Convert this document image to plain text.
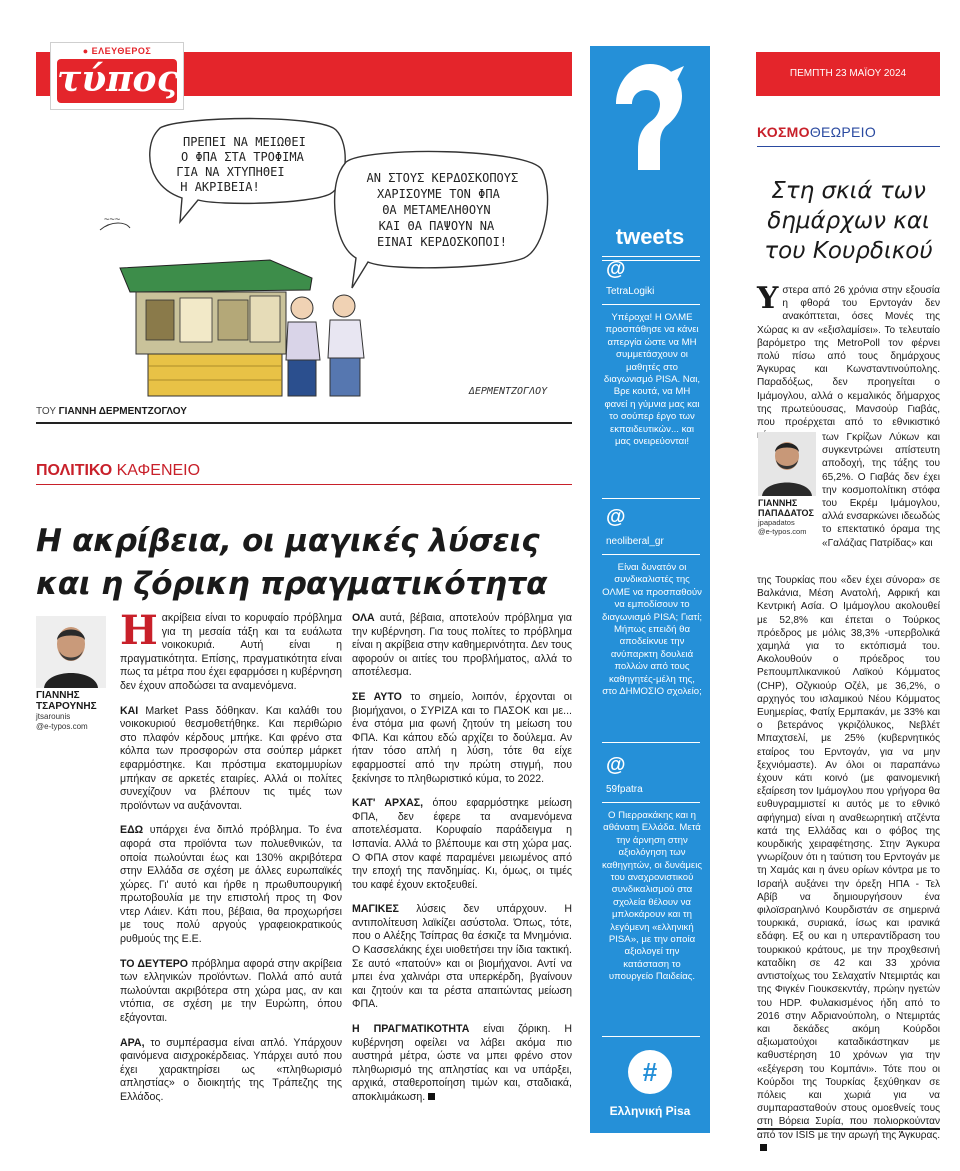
● ΕΛΕΥΘΕΡΟΣ
τύπος
ΠΡΕΠΕΙ ΝΑ ΜΕΙΩΘΕΙ Ο ΦΠΑ ΣΤΑ ΤΡΟΦΙΜΑ ΓΙΑ ΝΑ ΧΤΥΠΗΘΕΙ Η ΑΚΡΙΒΕΙΑ!
ΑΝ ΣΤΟΥΣ ΚΕΡΔΟΣΚΟΠΟΥΣ ΧΑΡΙΣΟΥΜΕ ΤΟΝ ΦΠΑ ΘΑ ΜΕΤΑΜΕΛΗΘΟΥΝ ΚΑΙ ΘΑ ΠΑΨΟΥΝ ΝΑ ΕΙΝΑΙ ΚΕΡΔΟΣΚΟΠΟΙ!
~~~
ΔΕΡΜΕΝΤΖΟΓΛΟΥ
ΤΟΥ ΓΙΑΝΝΗ ΔΕΡΜΕΝΤΖΟΓΛΟΥ
ΠΟΛΙΤΙΚΟ ΚΑΦΕΝΕΙΟ
Η ακρίβεια, οι μαγικές λύσεις
και η ζόρικη πραγματικότητα
ΓΙΑΝΝΗΣ
ΤΣΑΡΟΥΝΗΣ
jtsarounis
@e-typos.com

Ηακρίβεια είναι το κορυφαίο πρόβλημα για τη μεσαία τάξη και τα ευάλωτα νοικοκυριά. Αυτή είναι η πραγματικότητα. Επίσης, πραγματικότητα είναι πως τα μέτρα που έχει εφαρμόσει η κυβέρνηση δεν έχουν αποδώσει τα αναμενόμενα.

ΚΑΙ Market Pass δόθηκαν. Και καλάθι του νοικοκυριού θεσμοθετήθηκε. Και περιθώριο στο πλαφόν κέρδους μπήκε. Και φρένο στα κόλπα των προσφορών στα σούπερ μάρκετ εφαρμόστηκε. Και πρόστιμα εκατομμυρίων μπήκαν σε αρκετές εταιρίες. Αλλά οι πολίτες συνεχίζουν να βλέπουν τις τιμές των προϊόντων να αυξάνονται.

ΕΔΩ υπάρχει ένα διπλό πρόβλημα. Το ένα αφορά στα προϊόντα των πολυεθνικών, τα οποία πωλούνται έως και 130% ακριβότερα στην Ελλάδα σε σχέση με άλλες ευρωπαϊκές χώρες. Γι' αυτό και ήρθε η πρωθυπουργική πρωτοβουλία με την επιστολή προς τη Φον ντερ Λάιεν. Κάτι που, βέβαια, θα προχωρήσει με τους πολύ αργούς γραφειοκρατικούς ρυθμούς της Ε.Ε.

ΤΟ ΔΕΥΤΕΡΟ πρόβλημα αφορά στην ακρίβεια των ελληνικών προϊόντων. Πολλά από αυτά πωλούνται ακριβότερα στη χώρα μας, αν και ντόπια, σε σχέση με την Ευρώπη, όπου εξάγονται.

ΑΡΑ, το συμπέρασμα είναι απλό. Υπάρχουν φαινόμενα αισχροκέρδειας. Υπάρχει αυτό που έχει χαρακτηρίσει ως «πληθωρισμό απληστίας» ο διοικητής της Τράπεζης της Ελλάδος.

ΟΛΑ αυτά, βέβαια, αποτελούν πρόβλημα για την κυβέρνηση. Για τους πολίτες το πρόβλημα είναι η ακρίβεια στην καθημερινότητα. Δεν τους αφορούν οι αιτίες του προβλήματος, αλλά το αποτέλεσμα.

ΣΕ ΑΥΤΟ το σημείο, λοιπόν, έρχονται οι βιομήχανοι, ο ΣΥΡΙΖΑ και το ΠΑΣΟΚ και με... ένα στόμα μια φωνή ζητούν τη μείωση του ΦΠΑ. Και κάπου εδώ αρχίζει το δούλεμα. Αν ήταν τόσο απλή η λύση, τότε θα είχε εφαρμοστεί από την πρώτη στιγμή, που ξεκίνησε το πληθωριστικό κύμα, το 2022.

ΚΑΤ' ΑΡΧΑΣ, όπου εφαρμόστηκε μείωση ΦΠΑ, δεν έφερε τα αναμενόμενα αποτελέσματα. Κορυφαίο παράδειγμα η Ισπανία. Αλλά το βλέπουμε και στη χώρα μας. Ο ΦΠΑ στον καφέ παραμένει μειωμένος από την εποχή της πανδημίας. Κι, όμως, οι τιμές του καφέ έχουν εκτοξευθεί.

ΜΑΓΙΚΕΣ λύσεις δεν υπάρχουν. Η αντιπολίτευση λαϊκίζει ασύστολα. Όπως, τότε, που ο Αλέξης Τσίπρας θα έσκιζε τα Μνημόνια. Ο Κασσελάκης έχει υιοθετήσει την ίδια τακτική. Σε αυτό «πατούν» και οι βιομήχανοι. Αντί να μπει ένα χαλινάρι στα υπερκέρδη, βγαίνουν και ζητούν και τα ρέστα απαιτώντας μείωση ΦΠΑ.

Η ΠΡΑΓΜΑΤΙΚΟΤΗΤΑ είναι ζόρικη. Η κυβέρνηση οφείλει να λάβει ακόμα πιο αυστηρά μέτρα, ώστε να μπει φρένο στον πληθωρισμό της απληστίας και να υπάρξει, αρχικά, σταθεροποίηση τιμών και, σταδιακά, αποκλιμάκωση.

tweets
@
TetraLogiki
Υπέροχα! Η ΟΛΜΕ προσπάθησε να κάνει απεργία ώστε να ΜΗ συμμετάσχουν οι μαθητές στο διαγωνισμό PISA. Ναι, Βρε κουτά, να ΜΗ φανεί η γύμνια μας και το σούπερ έργο των εκπαιδευτικών... και μας ονειρεύονται!
@
neoliberal_gr
Είναι δυνατόν οι συνδικαλιστές της ΟΛΜΕ να προσπαθούν να εμποδίσουν το διαγωνισμό PISA; Γιατί; Μήπως επειδή θα αποδείκνυε την ανύπαρκτη δουλειά πολλών από τους καθηγητές-μέλη της, στο ΔΗΜΟΣΙΟ σχολείο;
@
59fpatra
Ο Πιερρακάκης και η αθάνατη Ελλάδα. Μετά την άρνηση στην αξιολόγηση των καθηγητών, οι δυνάμεις του αναχρονιστικού συνδικαλισμού στα σχολεία θέλουν να μπλοκάρουν και τη λεγόμενη «ελληνική PISA», με την οποία αξιολογεί την κατάσταση το υπουργείο Παιδείας.
#
Ελληνική Pisa
ΠΕΜΠΤΗ 23 ΜΑΪΟΥ 2024
ΚΟΣΜΟΘΕΩΡΕΙΟ
Στη σκιά των
δημάρχων και
του Κουρδικού

Υστερα από 26 χρόνια στην εξουσία η φθορά του Ερντογάν δεν ανακόπτεται, όσες Μονές της Χώρας κι αν «εξισλαμίσει». Το τελευταίο βαρόμετρο της MetroPoll τον φέρνει πολύ πίσω από τους δημάρχους Άγκυρας και Κωνσταντινούπολης. Παραδόξως, δεν προηγείται ο Ιμάμογλου, αλλά ο κεμαλικός δήμαρχος της πρωτεύουσας, Μανσούρ Γιαβάς, που προέρχεται από το εθνικιστικό

ΓΙΑΝΝΗΣ
ΠΑΠΑΔΑΤΟΣ
jpapadatos
@e-typos.com

των Γκρίζων Λύκων και συγκεντρώνει απίστευτη αποδοχή, της τάξης του 65,2%. Ο Γιαβάς δεν έχει την κοσμοπολίτικη στόφα του Εκρέμ Ιμάμογλου, αλλά ενσαρκώνει ιδεωδώς το επεκτατικό όραμα της «Γαλάζιας Πατρίδας» και

της Τουρκίας που «δεν έχει σύνορα» σε Βαλκάνια, Μέση Ανατολή, Αφρική και Κεντρική Ασία. Ο Ιμάμογλου ακολουθεί με 52,8% και έπεται ο Τούρκος πρόεδρος με μόλις 38,3% -υπερβολικά χαμηλά για το εκτόπισμά του. Ακολουθούν ο πρόεδρος του Ρεπουμπλικανικού Λαϊκού Κόμματος (CHP), Οζγκιούρ Οζέλ, με 36,2%, ο αρχηγός του ισλαμικού Νέου Κόμματος Ευημερίας, Φατίχ Ερμπακάν, με 33% και ο βετεράνος γκριζόλυκος, Νεβλέτ Μπαχτσελί, με 25% (κυβερνητικός εταίρος του Ερντογάν, για να μην ξεχνιόμαστε). Αν όλοι οι παραπάνω έχουν κάτι κοινό (με φαινομενική εξαίρεση τον Ιμάμογλου που γρήγορα θα ευθυγραμμιστεί κι αυτός με το εθνικό αφήγημα) είναι η αναθεωρητική ατζέντα κατά της Ελλάδας και ο φόβος της κουρδικής χειραφέτησης. Στην Άγκυρα γνωρίζουν ότι η ταύτιση του Ερντογάν με τη Χαμάς και η άνευ ορίων κόντρα με το Ισραήλ αυξάνει την όρεξη ΗΠΑ - Τελ Αβίβ να δημιουργήσουν ένα φιλοϊσραηλινό Κουρδιστάν σε σημερινά τουρκικά, συριακά, ίσως και ιρανικά εδάφη. Εξ ου και η υπεραντίδραση του τουρκικού κράτους, με την προχθεσινή καταδίκη σε 42 και 33 χρόνια αντιστοίχως του Σελαχατίν Ντεμιρτάς και της Φιγκέν Γιουκσεκντάγ, πρώην ηγετών του HDP. Φυλακισμένος ήδη από το 2016 στην Αδριανούπολη, ο Ντεμιρτάς και δεκάδες ακόμη Κούρδοι αξιωματούχοι καταδικάστηκαν με καθυστέρηση 10 χρόνων για την «εξέγερση του Κομπάνι». Τότε που οι Κούρδοι της Τουρκίας ξεχύθηκαν σε πόλεις και χωριά για να συμπαρασταθούν στους ομοεθνείς τους στη Βόρεια Συρία, που πολιορκούνταν από τον ISIS με την αρωγή της Άγκυρας.
